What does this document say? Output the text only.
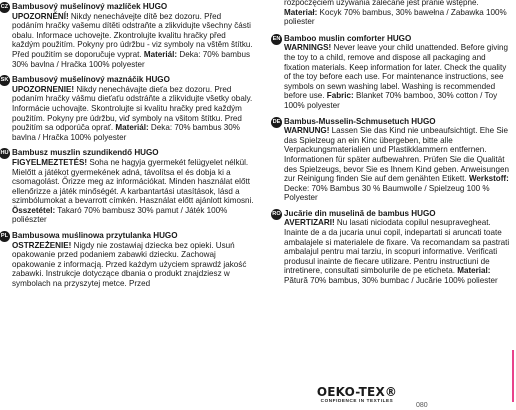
CZ Bambusový mušelínový mazlíček HUGO
UPOZORNĚNÍ! Nikdy nenechávejte dítě bez dozoru. Před podáním hračky vašemu dítěti odstraňte a zlikvidujte všechny části obalu. Informace uchovejte. Zkontrolujte kvalitu hračky před každým použitím. Pokyny pro údržbu - viz symboly na vštěm štítku. Před použitím se doporučuje vyprat. Materiál: Deka: 70% bambus 30% bavlna / Hračka 100% polyester
SK Bambusový mušelínový maznáčik HUGO
UPOZORNENIE! Nikdy nenechávajte dieťa bez dozoru. Pred podaním hračky vášmu dieťaťu odstráňte a zlikvidujte všetky obaly. Informácie uchovajte. Skontrolujte si kvalitu hračky pred každým použitím. Pokyny pre údržbu, viď symboly na všitom štítku. Pred použitím sa odporúča oprať. Materiál: Deka: 70% bambus 30% bavlna / Hračka 100% polyester
HU Bambusz muszlin szundikendő HUGO
FIGYELMEZTETÉS! Soha ne hagyja gyermekét felügyelet nélkül. Mielőtt a játékot gyermekének adná, távolítsa el és dobja ki a csomagolást. Őrizze meg az információkat. Minden használat előtt ellenőrizze a játék minőségét. A karbantartási utasítások, lásd a szimbólumokat a bevarrott címkén. Használat előtt ajánlott kimosni. Összetétel: Takaró 70% bambusz 30% pamut / Játék 100% poliészter
PL Bambusowa muślinowa przytulanka HUGO
OSTRZEŻENIE! Nigdy nie zostawiaj dziecka bez opieki. Usuń opakowanie przed podaniem zabawki dziecku. Zachowaj opakowanie z informacją. Przed każdym użyciem sprawdź jakość zabawki. Instrukcje dotyczące dbania o produkt znajdziesz w symbolach na przyszytej metce. Przed
rozpoczęciem używania zalecane jest pranie wstępne. Materiał: Kocyk 70% bambus, 30% bawełna / Zabawka 100% poliester
EN Bamboo muslin comforter HUGO
WARNINGS! Never leave your child unattended. Before giving the toy to a child, remove and dispose all packaging and fixation materials. Keep information for later. Check the quality of the toy before each use. For maintenance instructions, see symbols on sewn washing label. Washing is recommended before use. Fabric: Blanket 70% bamboo, 30% cotton / Toy 100% polyester
DE Bambus-Musselin-Schmusetuch HUGO
WARNUNG! Lassen Sie das Kind nie unbeaufsichtigt. Ehe Sie das Spielzeug an ein Kinc übergeben, bitte alle Verpackungsmaterialien und Plastikklammern entfernen. Informationen für später aufbewahren. Prüfen Sie die Qualität des Spielzeugs, bevor Sie es Ihnem Kind geben. Anweisungen zur Reinigung finden Sie auf dem genähten Etikett. Werkstoff: Decke: 70% Bambus 30 % Baumwolle / Spielzeug 100 % Polyester
RO Jucărie din muselină de bambus HUGO
AVERTIZARI! Nu lasati niciodata copilul nesupravegheat. Inainte de a da jucaria unui copil, indepartati si aruncati toate ambalajele si materialele de fixare. Va recomandam sa pastrati ambalajul pentru mai tarziu, in scopuri informative. Verificati produsul inainte de fiecare utilizare. Pentru instructiuni de intretinere, consultati simbolurile de pe eticheta. Material: Pătură 70% bambus, 30% bumbac / Jucărie 100% poliester
OEKO-TEX®
CONFIDENCE IN TEXTILES
080
